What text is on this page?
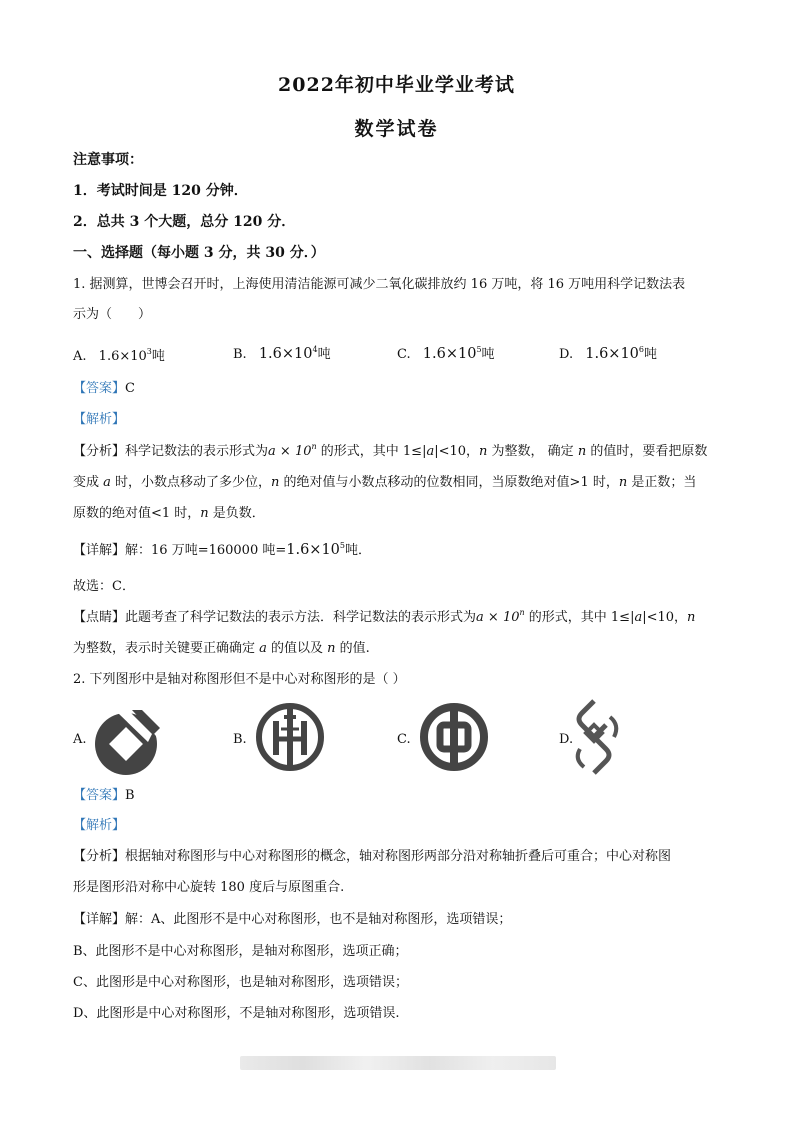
2022年初中毕业学业考试
数学试卷
注意事项：
1．考试时间是 120 分钟．
2．总共 3 个大题，总分 120 分．
一、选择题（每小题 3 分，共 30 分．）
1. 据测算，世博会召开时，上海使用清洁能源可减少二氧化碳排放约 16 万吨，将 16 万吨用科学记数法表
示为（　　）
A. $1.6\times 10^3$吨	B. $1.6\times 10^4$吨	C. $1.6\times 10^5$吨	D. $1.6\times 10^6$吨
【答案】C
【解析】
【分析】科学记数法的表示形式为$a \times 10^n$ 的形式，其中 1≤|a|<10，n 为整数， 确定 n 的值时，要看把原数
变成 a 时，小数点移动了多少位，n 的绝对值与小数点移动的位数相同，当原数绝对值>1 时，n 是正数；当
原数的绝对值<1 时，n 是负数．
【详解】解：16 万吨=160000 吨$=1.6\times 10^5$吨．
故选：C．
【点睛】此题考查了科学记数法的表示方法．科学记数法的表示形式为$a \times 10^n$ 的形式，其中 1≤|a|<10，n
为整数，表示时关键要正确确定 a 的值以及 n 的值.
2. 下列图形中是轴对称图形但不是中心对称图形的是（ ）
A.	B.	C.	D.
【答案】B
【解析】
【分析】根据轴对称图形与中心对称图形的概念，轴对称图形两部分沿对称轴折叠后可重合；中心对称图
形是图形沿对称中心旋转 180 度后与原图重合.
【详解】解：A、此图形不是中心对称图形，也不是轴对称图形，选项错误；
B、此图形不是中心对称图形，是轴对称图形，选项正确；
C、此图形是中心对称图形，也是轴对称图形，选项错误；
D、此图形是中心对称图形，不是轴对称图形，选项错误.
